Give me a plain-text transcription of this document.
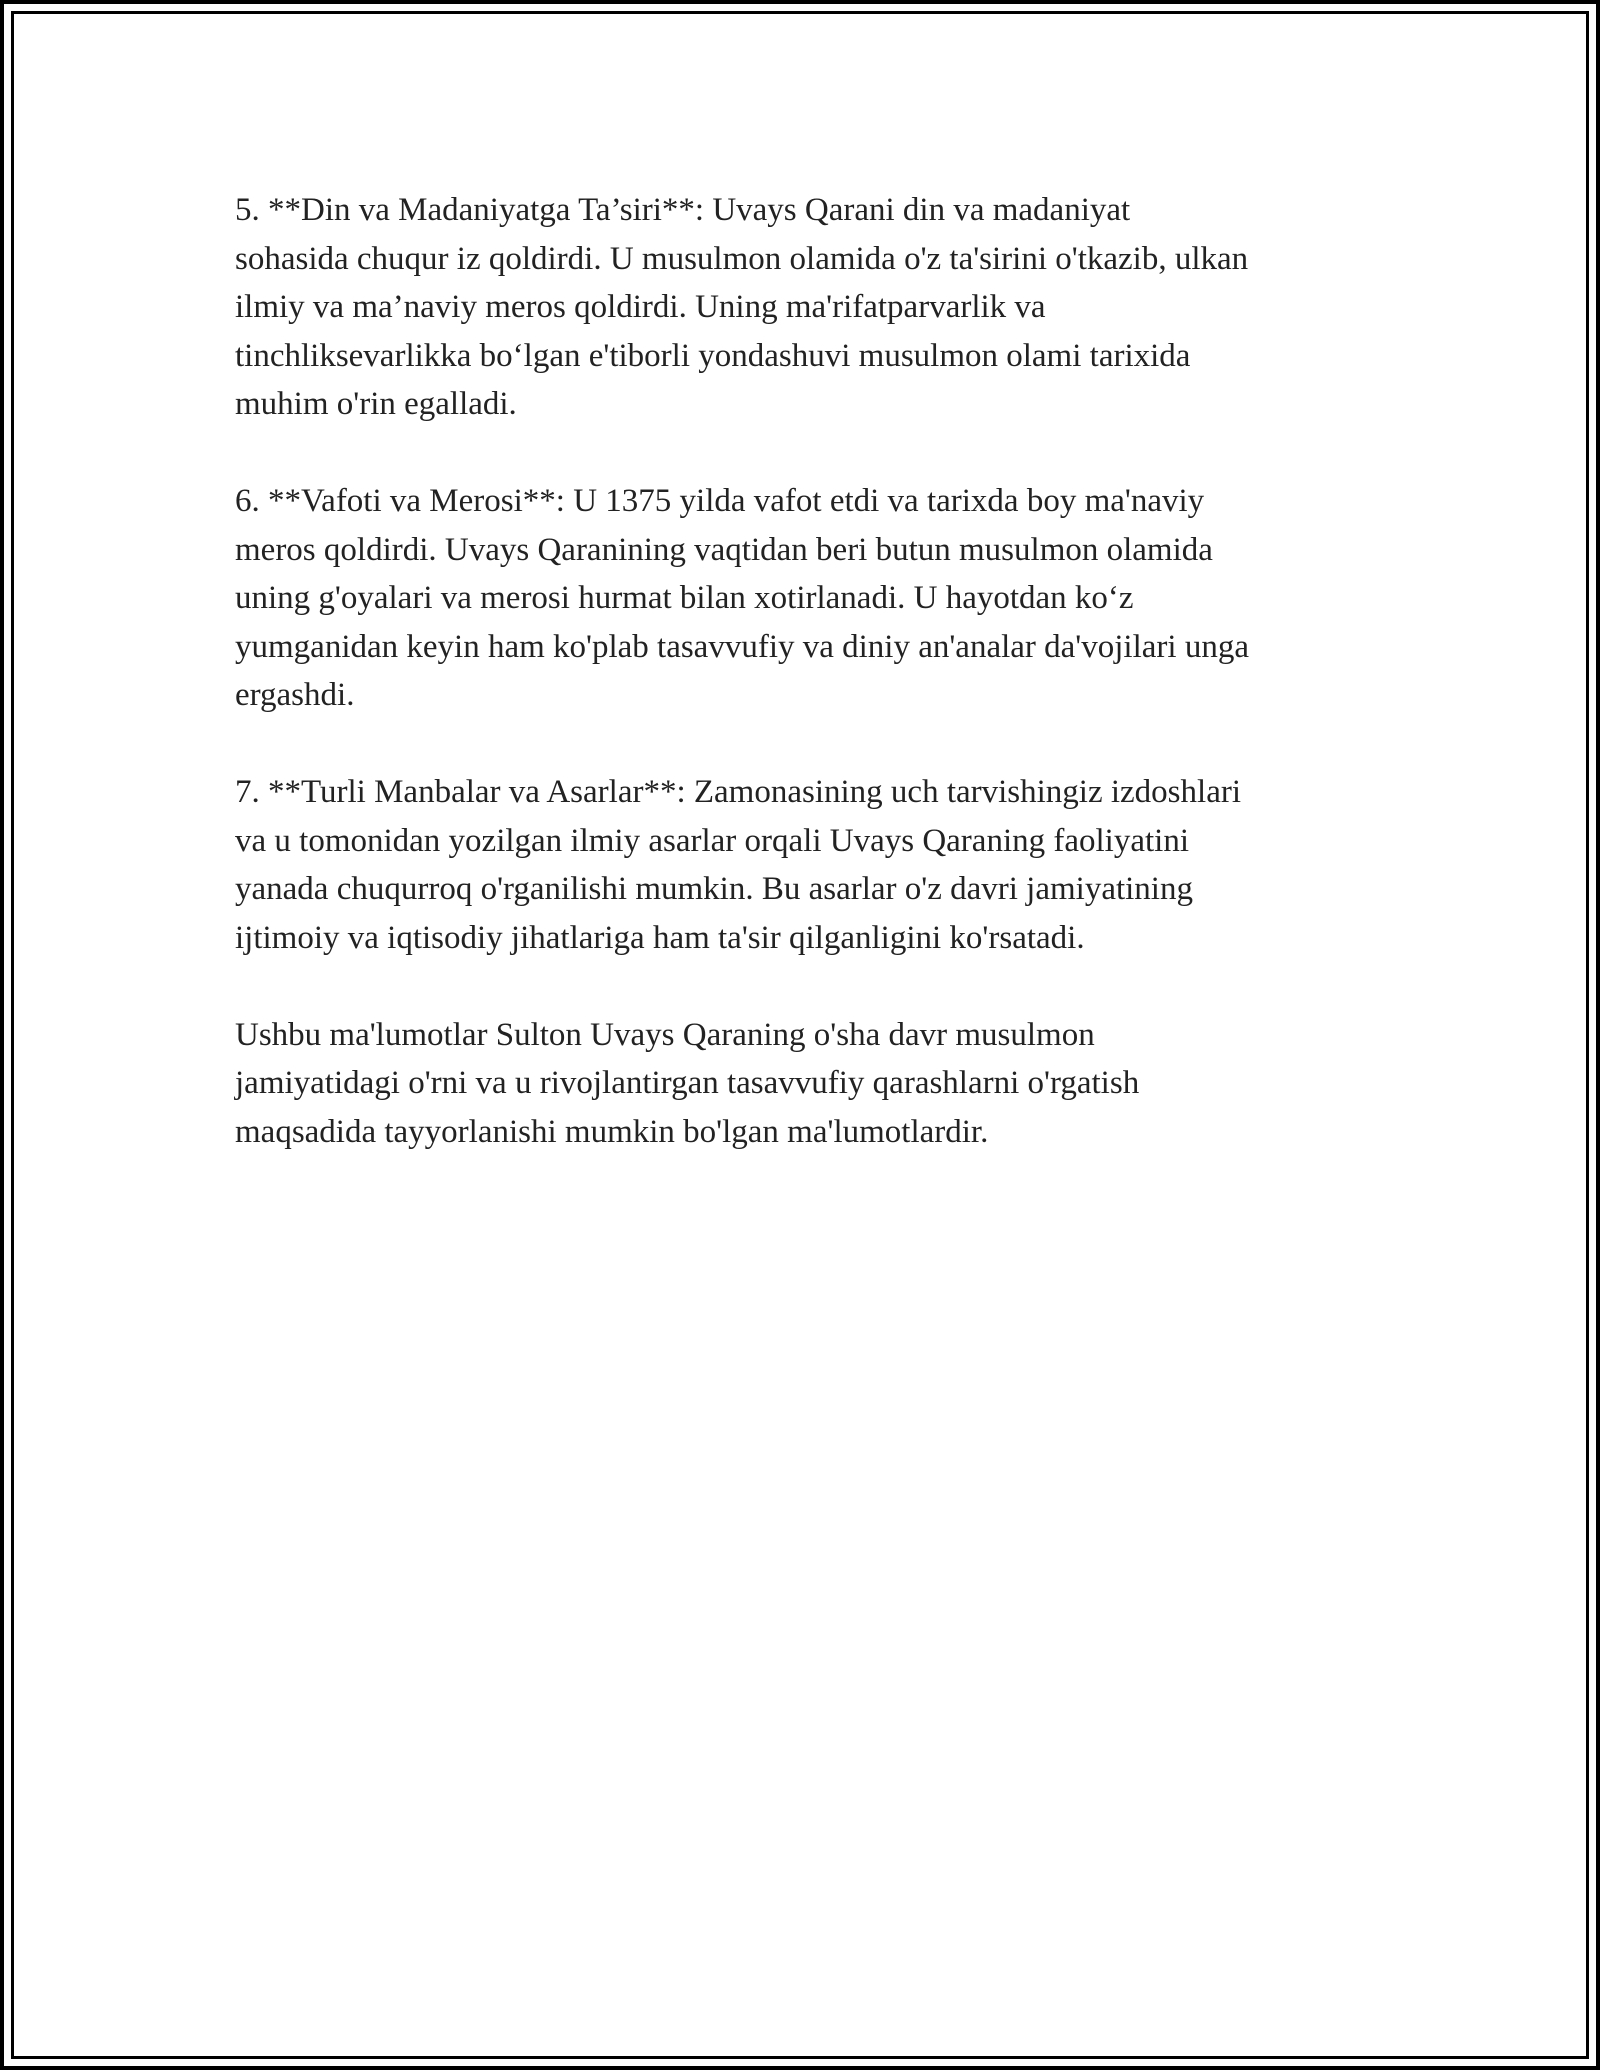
5. **Din va Madaniyatga Ta’siri**: Uvays Qarani din va madaniyat
sohasida chuqur iz qoldirdi. U musulmon olamida o'z ta'sirini o'tkazib, ulkan
ilmiy va ma’naviy meros qoldirdi. Uning ma'rifatparvarlik va
tinchliksevarlikka bo‘lgan e'tiborli yondashuvi musulmon olami tarixida
muhim o'rin egalladi.

6. **Vafoti va Merosi**: U 1375 yilda vafot etdi va tarixda boy ma'naviy
meros qoldirdi. Uvays Qaranining vaqtidan beri butun musulmon olamida
uning g'oyalari va merosi hurmat bilan xotirlanadi. U hayotdan ko‘z
yumganidan keyin ham ko'plab tasavvufiy va diniy an'analar da'vojilari unga
ergashdi.

7. **Turli Manbalar va Asarlar**: Zamonasining uch tarvishingiz izdoshlari
va u tomonidan yozilgan ilmiy asarlar orqali Uvays Qaraning faoliyatini
yanada chuqurroq o'rganilishi mumkin. Bu asarlar o'z davri jamiyatining
ijtimoiy va iqtisodiy jihatlariga ham ta'sir qilganligini ko'rsatadi.

Ushbu ma'lumotlar Sulton Uvays Qaraning o'sha davr musulmon
jamiyatidagi o'rni va u rivojlantirgan tasavvufiy qarashlarni o'rgatish
maqsadida tayyorlanishi mumkin bo'lgan ma'lumotlardir.
